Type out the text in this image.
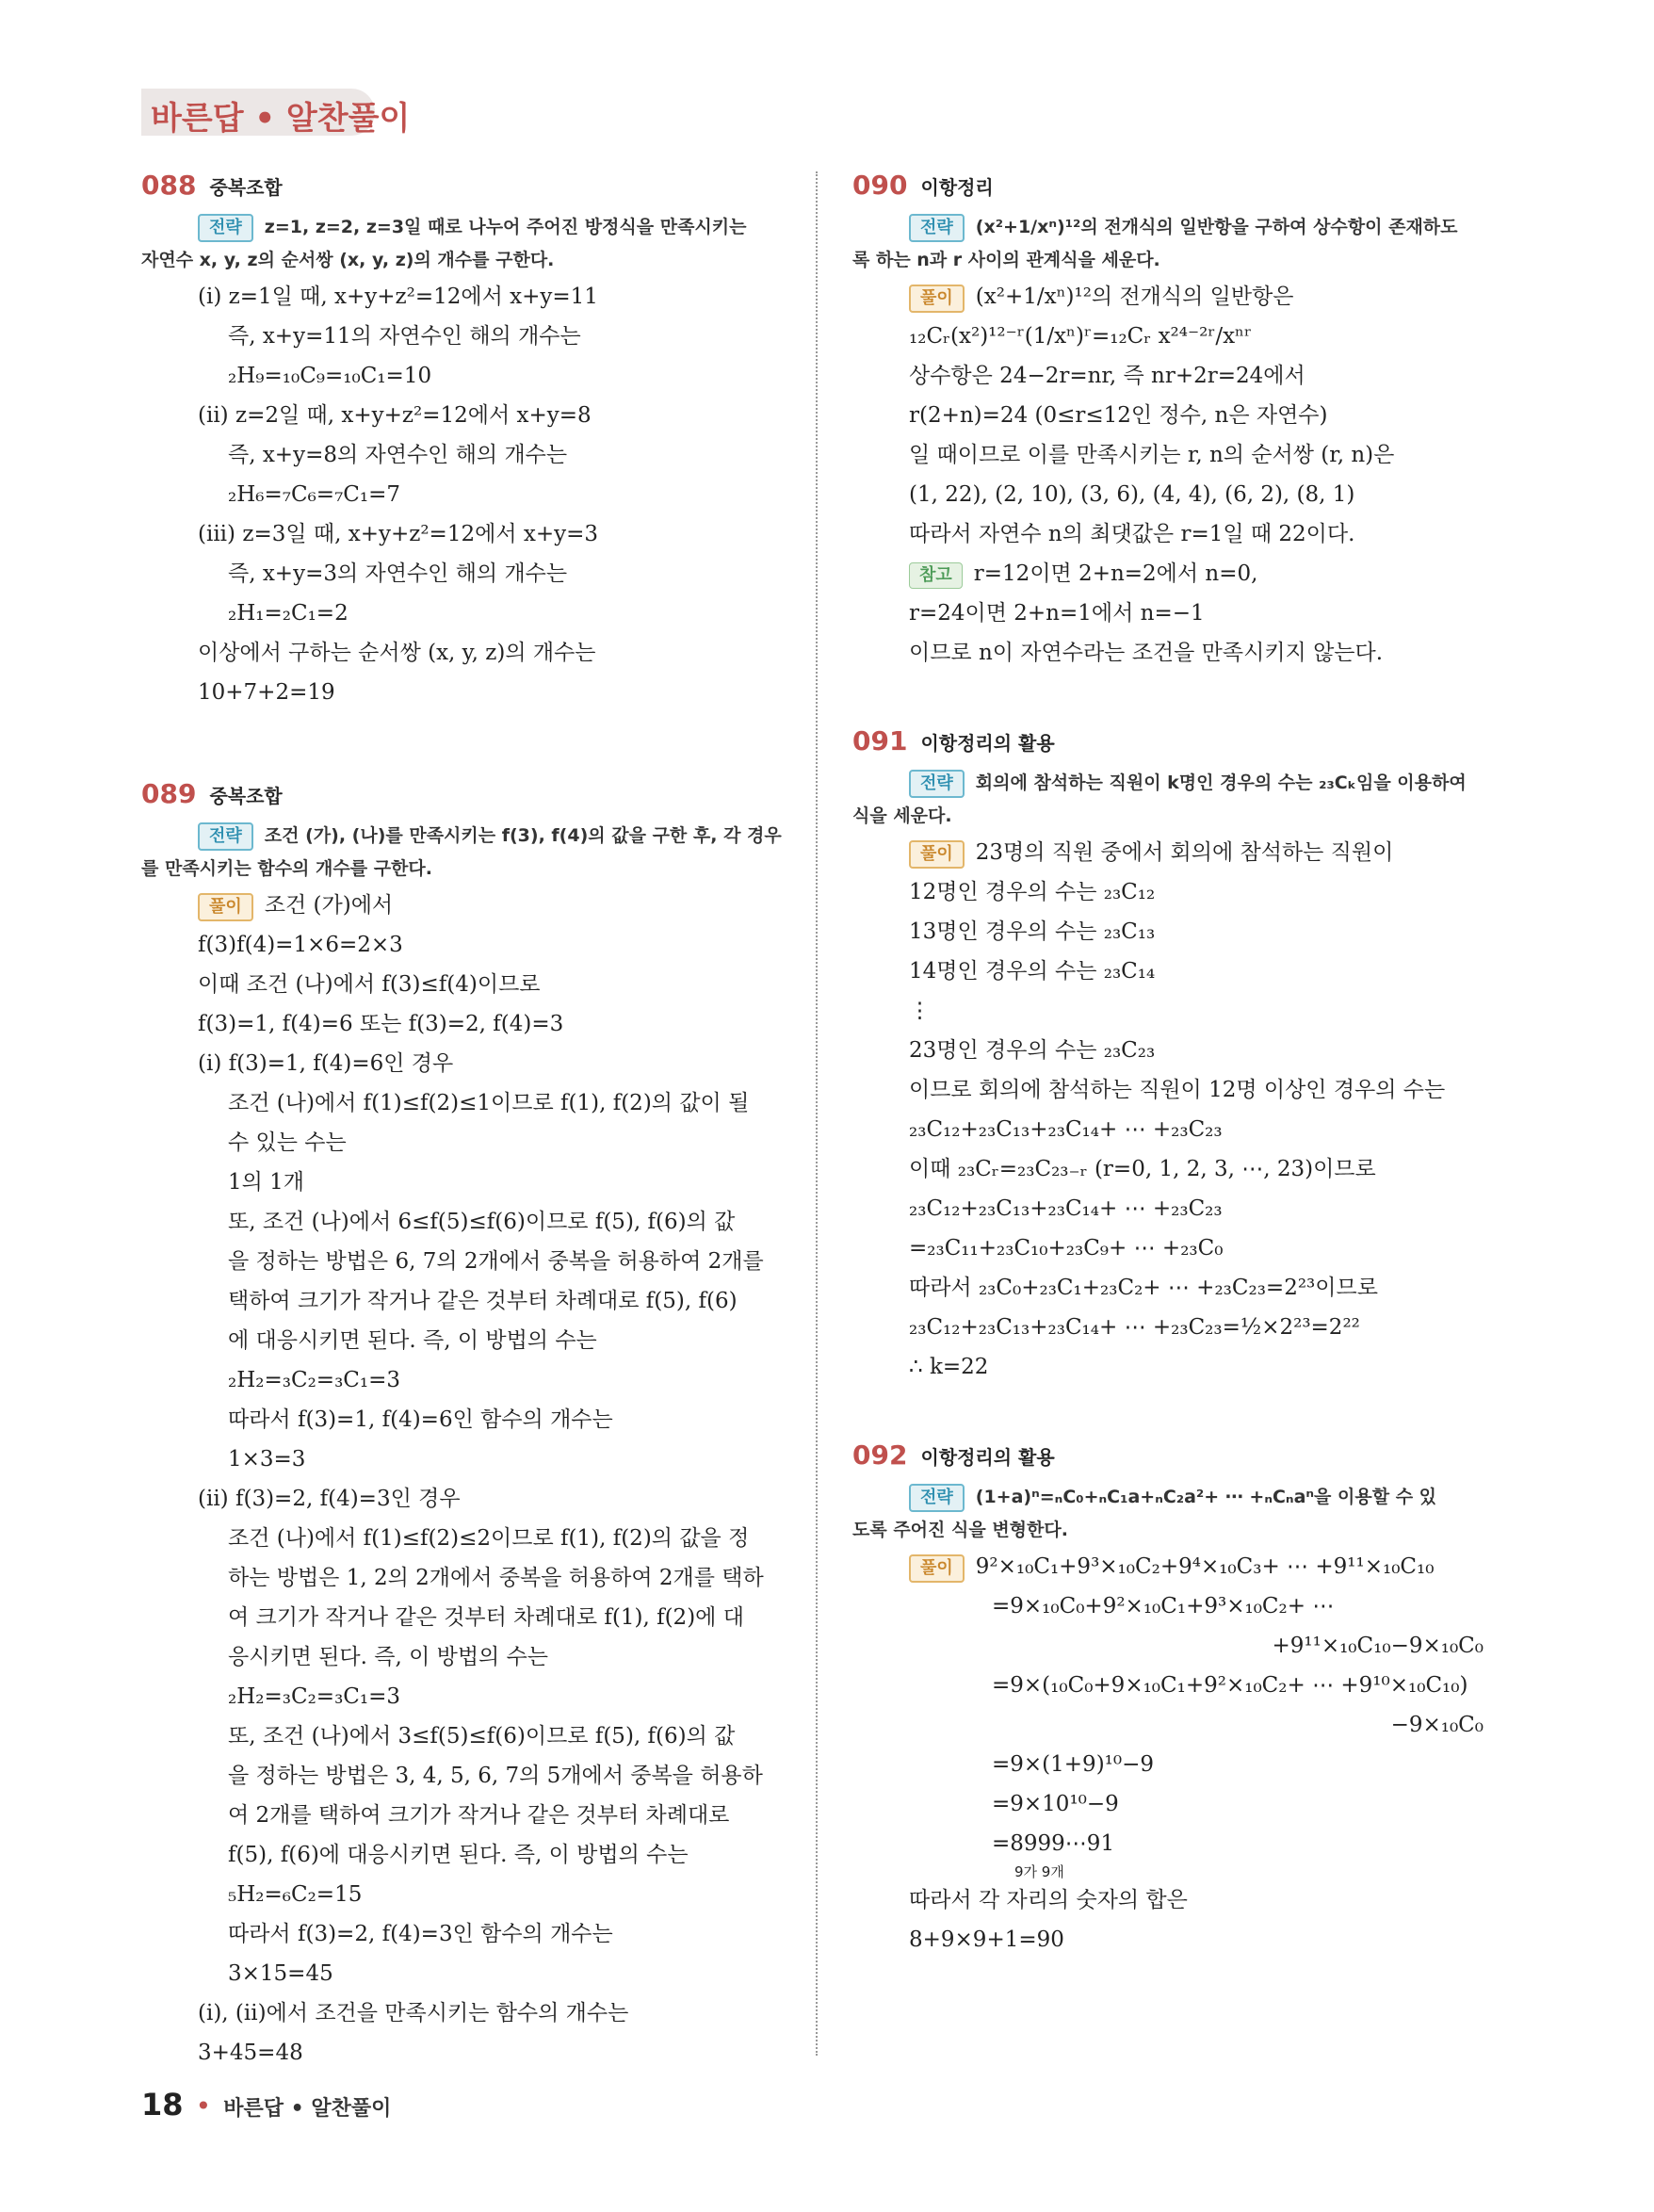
바른답 • 알찬풀이
088 중복조합
전략 z=1, z=2, z=3일 때로 나누어 주어진 방정식을 만족시키는
자연수 x, y, z의 순서쌍 (x, y, z)의 개수를 구한다.
(i) z=1일 때, x+y+z²=12에서 x+y=11
즉, x+y=11의 자연수인 해의 개수는
₂H₉=₁₀C₉=₁₀C₁=10
(ii) z=2일 때, x+y+z²=12에서 x+y=8
즉, x+y=8의 자연수인 해의 개수는
₂H₆=₇C₆=₇C₁=7
(iii) z=3일 때, x+y+z²=12에서 x+y=3
즉, x+y=3의 자연수인 해의 개수는
₂H₁=₂C₁=2
이상에서 구하는 순서쌍 (x, y, z)의 개수는
10+7+2=19
089 중복조합
전략 조건 (가), (나)를 만족시키는 f(3), f(4)의 값을 구한 후, 각 경우
를 만족시키는 함수의 개수를 구한다.
풀이 조건 (가)에서
f(3)f(4)=1×6=2×3
이때 조건 (나)에서 f(3)≤f(4)이므로
f(3)=1, f(4)=6 또는 f(3)=2, f(4)=3
(i) f(3)=1, f(4)=6인 경우
조건 (나)에서 f(1)≤f(2)≤1이므로 f(1), f(2)의 값이 될
수 있는 수는
1의 1개
또, 조건 (나)에서 6≤f(5)≤f(6)이므로 f(5), f(6)의 값
을 정하는 방법은 6, 7의 2개에서 중복을 허용하여 2개를
택하여 크기가 작거나 같은 것부터 차례대로 f(5), f(6)
에 대응시키면 된다. 즉, 이 방법의 수는
₂H₂=₃C₂=₃C₁=3
따라서 f(3)=1, f(4)=6인 함수의 개수는
1×3=3
(ii) f(3)=2, f(4)=3인 경우
조건 (나)에서 f(1)≤f(2)≤2이므로 f(1), f(2)의 값을 정
하는 방법은 1, 2의 2개에서 중복을 허용하여 2개를 택하
여 크기가 작거나 같은 것부터 차례대로 f(1), f(2)에 대
응시키면 된다. 즉, 이 방법의 수는
₂H₂=₃C₂=₃C₁=3
또, 조건 (나)에서 3≤f(5)≤f(6)이므로 f(5), f(6)의 값
을 정하는 방법은 3, 4, 5, 6, 7의 5개에서 중복을 허용하
여 2개를 택하여 크기가 작거나 같은 것부터 차례대로
f(5), f(6)에 대응시키면 된다. 즉, 이 방법의 수는
₅H₂=₆C₂=15
따라서 f(3)=2, f(4)=3인 함수의 개수는
3×15=45
(i), (ii)에서 조건을 만족시키는 함수의 개수는
3+45=48
090 이항정리
전략 (x²+1/xⁿ)¹²의 전개식의 일반항을 구하여 상수항이 존재하도
록 하는 n과 r 사이의 관계식을 세운다.
풀이 (x²+1/xⁿ)¹²의 전개식의 일반항은
₁₂Cᵣ(x²)¹²⁻ʳ(1/xⁿ)ʳ=₁₂Cᵣ x²⁴⁻²ʳ/xⁿʳ
상수항은 24−2r=nr, 즉 nr+2r=24에서
r(2+n)=24 (0≤r≤12인 정수, n은 자연수)
일 때이므로 이를 만족시키는 r, n의 순서쌍 (r, n)은
(1, 22), (2, 10), (3, 6), (4, 4), (6, 2), (8, 1)
따라서 자연수 n의 최댓값은 r=1일 때 22이다.
참고 r=12이면 2+n=2에서 n=0,
r=24이면 2+n=1에서 n=−1
이므로 n이 자연수라는 조건을 만족시키지 않는다.
091 이항정리의 활용
전략 회의에 참석하는 직원이 k명인 경우의 수는 ₂₃Cₖ임을 이용하여
식을 세운다.
풀이 23명의 직원 중에서 회의에 참석하는 직원이
12명인 경우의 수는 ₂₃C₁₂
13명인 경우의 수는 ₂₃C₁₃
14명인 경우의 수는 ₂₃C₁₄
⋮
23명인 경우의 수는 ₂₃C₂₃
이므로 회의에 참석하는 직원이 12명 이상인 경우의 수는
₂₃C₁₂+₂₃C₁₃+₂₃C₁₄+ ⋯ +₂₃C₂₃
이때 ₂₃Cᵣ=₂₃C₂₃₋ᵣ (r=0, 1, 2, 3, ⋯, 23)이므로
₂₃C₁₂+₂₃C₁₃+₂₃C₁₄+ ⋯ +₂₃C₂₃
=₂₃C₁₁+₂₃C₁₀+₂₃C₉+ ⋯ +₂₃C₀
따라서 ₂₃C₀+₂₃C₁+₂₃C₂+ ⋯ +₂₃C₂₃=2²³이므로
₂₃C₁₂+₂₃C₁₃+₂₃C₁₄+ ⋯ +₂₃C₂₃=½×2²³=2²²
∴ k=22
092 이항정리의 활용
전략 (1+a)ⁿ=ₙC₀+ₙC₁a+ₙC₂a²+ ⋯ +ₙCₙaⁿ을 이용할 수 있
도록 주어진 식을 변형한다.
풀이 9²×₁₀C₁+9³×₁₀C₂+9⁴×₁₀C₃+ ⋯ +9¹¹×₁₀C₁₀
=9×₁₀C₀+9²×₁₀C₁+9³×₁₀C₂+ ⋯
+9¹¹×₁₀C₁₀−9×₁₀C₀
=9×(₁₀C₀+9×₁₀C₁+9²×₁₀C₂+ ⋯ +9¹⁰×₁₀C₁₀)
−9×₁₀C₀
=9×(1+9)¹⁰−9
=9×10¹⁰−9
=8999⋯91
9가 9개
따라서 각 자리의 숫자의 합은
8+9×9+1=90
18 • 바른답 • 알찬풀이
